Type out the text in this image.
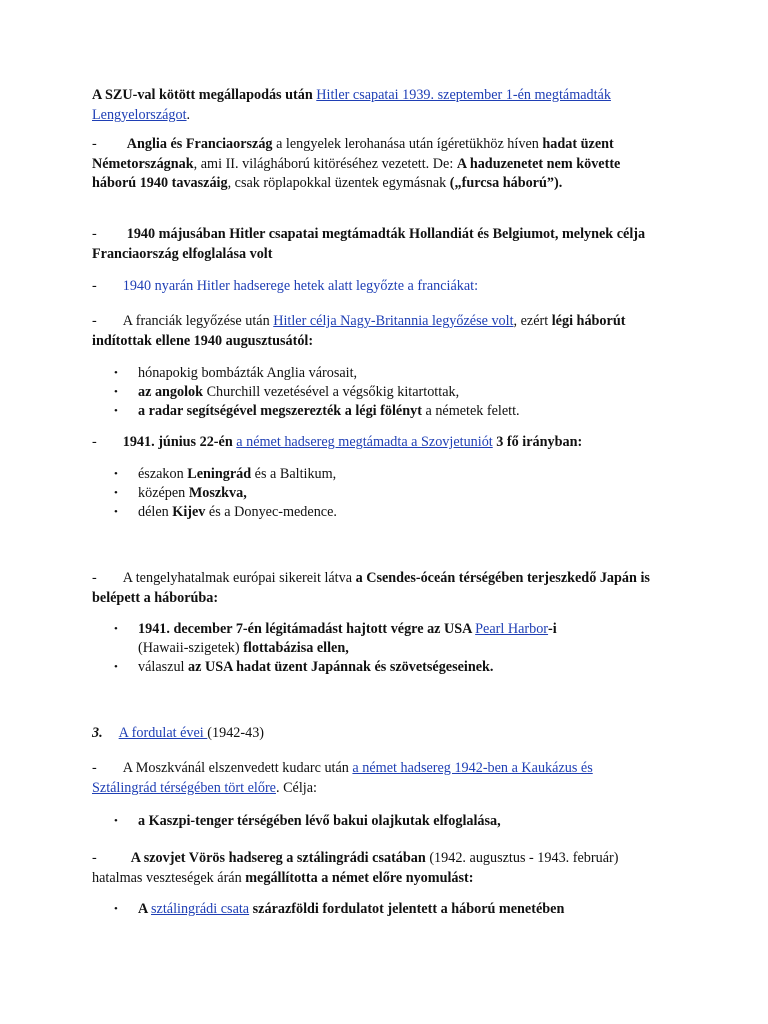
A SZU-val kötött megállapodás után Hitler csapatai 1939. szeptember 1-én megtámadták Lengyelországot.
- Anglia és Franciaország a lengyelek lerohanása után ígéretükhöz híven hadat üzent Németországnak, ami II. világháború kitöréséhez vezetett. De: A haduzenetet nem követte háború 1940 tavaszáig, csak röplapokkal üzentek egymásnak („furcsa háború”).
- 1940 májusában Hitler csapatai megtámadták Hollandiát és Belgiumot, melynek célja Franciaország elfoglalása volt
- 1940 nyarán Hitler hadserege hetek alatt legyőzte a franciákat:
- A franciák legyőzése után Hitler célja Nagy-Britannia legyőzése volt, ezért légi háborút indítottak ellene 1940 augusztusától:
• hónapokig bombázták Anglia városait,
• az angolok Churchill vezetésével a végsőkig kitartottak,
• a radar segítségével megszerezték a légi fölényt a németek felett.
- 1941. június 22-én a német hadsereg megtámadta a Szovjetuniót 3 fő irányban:
• északon Leningrád és a Baltikum,
• középen Moszkva,
• délen Kijev és a Donyec-medence.
- A tengelyhatalmak európai sikereit látva a Csendes-óceán térségében terjeszkedő Japán is belépett a háborúba:
• 1941. december 7-én légitámadást hajtott végre az USA Pearl Harbor-i (Hawaii-szigetek) flottabázisa ellen,
• válaszul az USA hadat üzent Japánnak és szövetségeseinek.
3. A fordulat évei (1942-43)
- A Moszkvánál elszenvedett kudarc után a német hadsereg 1942-ben a Kaukázus és Sztálingrád térségében tört előre. Célja:
• a Kaszpi-tenger térségében lévő bakui olajkutak elfoglalása,
- A szovjet Vörös hadsereg a sztálingrádi csatában (1942. augusztus - 1943. február) hatalmas veszteségek árán megállította a német előre nyomulást:
• A sztálingrádi csata szárazföldi fordulatot jelentett a háború menetében
